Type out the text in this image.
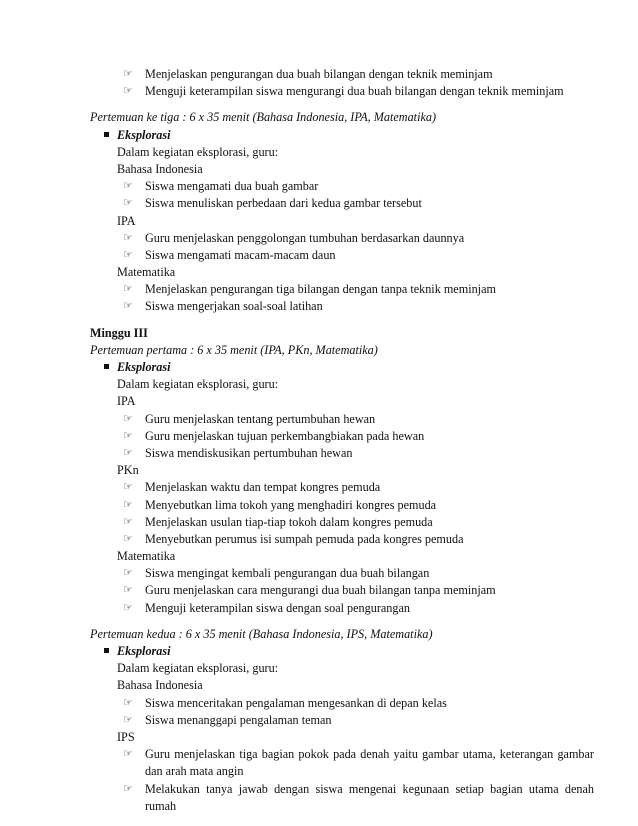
☞ Menjelaskan pengurangan dua buah bilangan dengan teknik meminjam
☞ Menguji keterampilan siswa mengurangi dua buah bilangan dengan teknik meminjam
Pertemuan ke tiga : 6 x 35 menit (Bahasa Indonesia, IPA, Matematika)
Eksplorasi
Dalam kegiatan eksplorasi, guru:
Bahasa Indonesia
☞ Siswa mengamati dua buah gambar
☞ Siswa menuliskan perbedaan dari kedua gambar tersebut
IPA
☞ Guru menjelaskan penggolongan tumbuhan berdasarkan daunnya
☞ Siswa mengamati macam-macam daun
Matematika
☞ Menjelaskan pengurangan tiga bilangan dengan tanpa teknik meminjam
☞ Siswa mengerjakan soal-soal latihan
Minggu III
Pertemuan pertama : 6 x 35 menit (IPA, PKn, Matematika)
Eksplorasi
Dalam kegiatan eksplorasi, guru:
IPA
☞ Guru menjelaskan tentang pertumbuhan hewan
☞ Guru menjelaskan tujuan perkembangbiakan pada hewan
☞ Siswa mendiskusikan pertumbuhan hewan
PKn
☞ Menjelaskan waktu dan tempat kongres pemuda
☞ Menyebutkan lima tokoh yang menghadiri kongres pemuda
☞ Menjelaskan usulan tiap-tiap tokoh dalam kongres pemuda
☞ Menyebutkan perumus isi sumpah pemuda pada kongres pemuda
Matematika
☞ Siswa mengingat kembali pengurangan dua buah bilangan
☞ Guru menjelaskan cara mengurangi dua buah bilangan tanpa meminjam
☞ Menguji keterampilan siswa dengan soal pengurangan
Pertemuan kedua : 6 x 35 menit (Bahasa Indonesia, IPS, Matematika)
Eksplorasi
Dalam kegiatan eksplorasi, guru:
Bahasa Indonesia
☞ Siswa menceritakan pengalaman mengesankan di depan kelas
☞ Siswa menanggapi pengalaman teman
IPS
☞ Guru menjelaskan tiga bagian pokok pada denah yaitu gambar utama, keterangan gambar dan arah mata angin
☞ Melakukan tanya jawab dengan siswa mengenai kegunaan setiap bagian utama denah rumah
